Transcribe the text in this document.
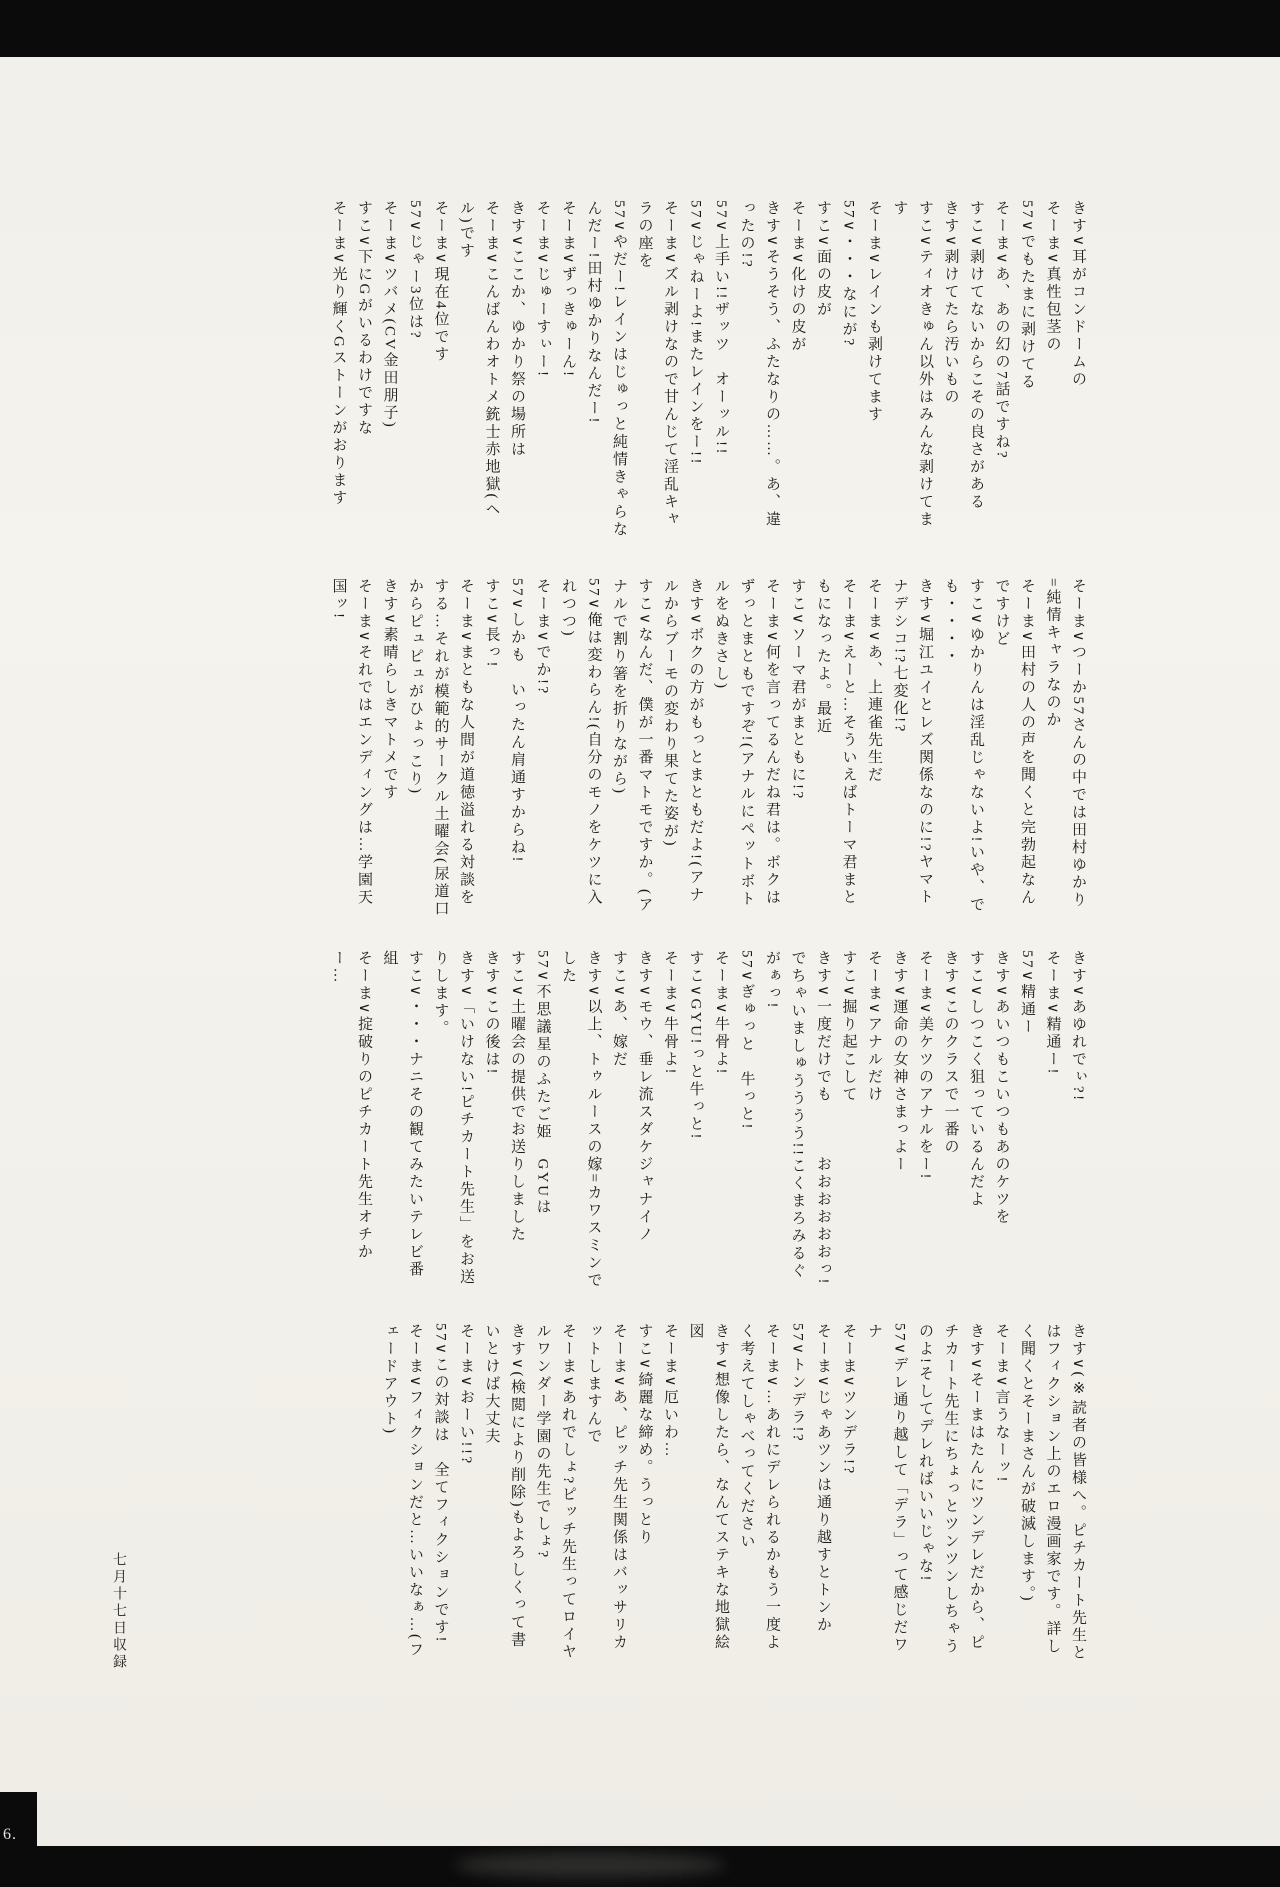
きす∨耳がコンドームの

そーま∨真性包茎の

57∨でもたまに剥けてる

そーま∨あ、あの幻の7話ですね?

すこ∨剥けてないからこその良さがある

きす∨剥けてたら汚いもの

すこ∨ティオきゅん以外はみんな剥けてます

そーま∨レインも剥けてます

57∨・・・なにが?

すこ∨面の皮が

そーま∨化けの皮が

きす∨そうそう、ふたなりの……。あ、違ったの!?

57∨上手い!!ザッツ　オーッル!!

57∨じゃねーよ!またレインをー!!

そーま∨ズル剥けなので甘んじて淫乱キャラの座を

57∨やだー!レインはじゅっと純情きゃらなんだー!田村ゆかりなんだー!

そーま∨ずっきゅーん!

そーま∨じゅーすぃー!

きす∨ここか、ゆかり祭の場所は

そーま∨こんばんわオトメ銃士赤地獄(ヘル)です

そーま∨現在4位です

57∨じゃー3位は?

そーま∨ツバメ(CV金田朋子)

すこ∨下にGがいるわけですな

そーま∨光り輝くGストーンがおります

そーま∨つーか57さんの中では田村ゆかり=純情キャラなのか

そーま∨田村の人の声を聞くと完勃起なんですけど

すこ∨ゆかりんは淫乱じゃないよ!いや、でも・・・・

きす∨堀江ユイとレズ関係なのに!?ヤマトナデシコ!?七変化!?

そーま∨あ、上連雀先生だ

そーま∨えーと…そういえばトーマ君まともになったよ。最近

すこ∨ソーマ君がまともに!?

そーま∨何を言ってるんだね君は。ボクはずっとまともですぞ!(アナルにペットボトルをぬきさし)

きす∨ボクの方がもっとまともだよ!(アナルからブーモの変わり果てた姿が)

すこ∨なんだ、僕が一番マトモですか。(アナルで割り箸を折りながら)

57∨俺は変わらん!(自分のモノをケツに入れつつ)

そーま∨でか!?

57∨しかも　いったん肩通すからね!

すこ∨長っ!

そーま∨まともな人間が道徳溢れる対談をする…それが模範的サークル土曜会(尿道口からピュピュがひょっこり)

きす∨素晴らしきマトメです

そーま∨それではエンディングは…学園天国ッ!

きす∨あゆれでぃ?!

そーま∨精通ー!

57∨精通ー

きす∨あいつもこいつもあのケツを

すこ∨しつこく狙っているんだよ

きす∨このクラスで一番の

そーま∨美ケツのアナルをー!

きす∨運命の女神さまっよー

そーま∨アナルだけ

すこ∨掘り起こして

きす∨一度だけでも　　　おおおおおおっ!でちゃいましゅうううう!!こくまろみるぐがぁっ!

57∨ぎゅっと　牛っと!

そーま∨牛骨よ!

すこ∨GYU!っと牛っと!

そーま∨牛骨よ!

きす∨モウ、垂レ流スダケジャナイノ

すこ∨あ、嫁だ

きす∨以上、トゥルースの嫁=カワスミンでした

57∨不思議星のふたご姫　GYUは

すこ∨土曜会の提供でお送りしました

きす∨この後は!

きす∨「いけない!ピチカート先生」をお送りします。

すこ∨・・・ナニその観てみたいテレビ番組

そーま∨掟破りのピチカート先生オチかー…

きす∨(※読者の皆様へ。ピチカート先生とはフィクション上のエロ漫画家です。詳しく聞くとそーまさんが破滅します。)

そーま∨言うなーッ!

きす∨そーまはたんにツンデレだから、ピチカート先生にちょっとツンツンしちゃうのよ!そしてデレればいいじゃな!

57∨デレ通り越して「デラ」って感じだワナ

そーま∨ツンデラ!?

そーま∨じゃあツンは通り越すとトンか

57∨トンデラ!?

そーま∨…あれにデレられるかもう一度よく考えてしゃべってください

きす∨想像したら、なんてステキな地獄絵図

そーま∨厄いわ…

すこ∨綺麗な締め。うっとり

そーま∨あ、ピッチ先生関係はバッサリカットしますんで

そーま∨あれでしょ?ピッチ先生ってロイヤルワンダー学園の先生でしょ?

きす∨(検閲により削除)もよろしくって書いとけば大丈夫

そーま∨おーい!!?

57∨この対談は　全てフィクションです!

そーま∨フィクションだと…いいなぁ…(フェードアウト)

七月十七日収録
6.
